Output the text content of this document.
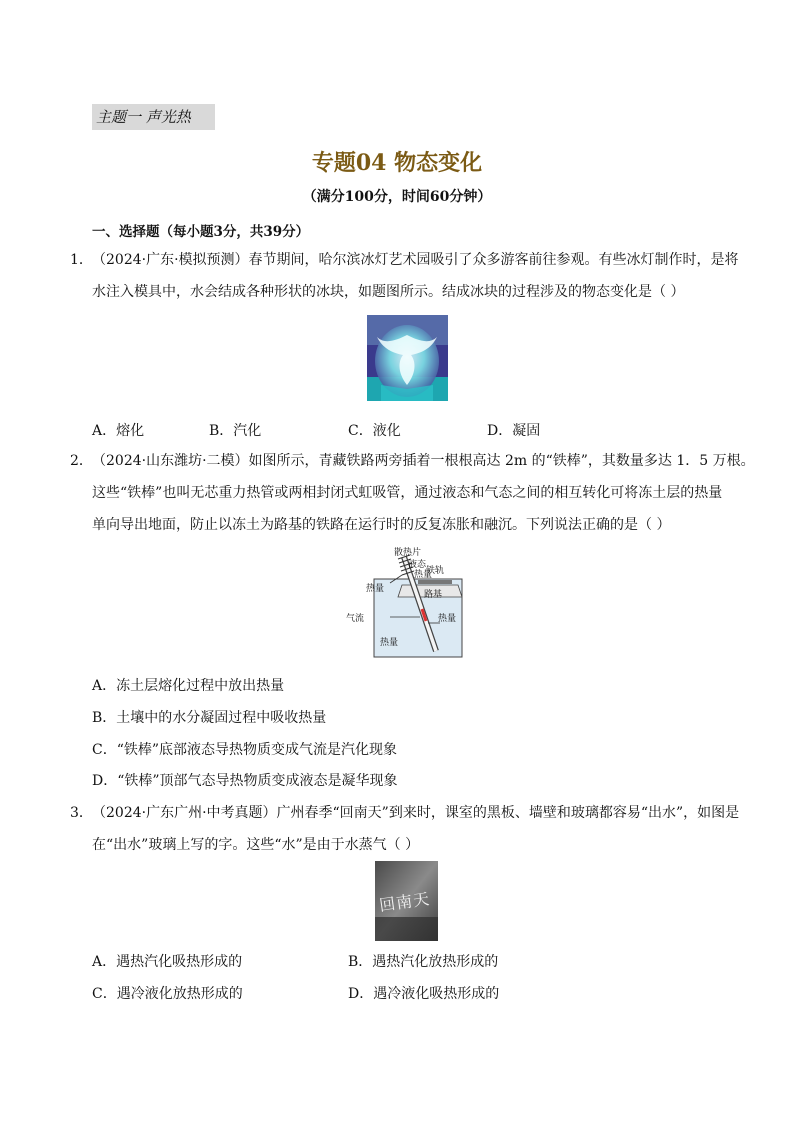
主题一 声光热
专题04 物态变化
（满分100分，时间60分钟）
一、选择题（每小题3分，共39分）
1． （2024·广东·模拟预测）春节期间，哈尔滨冰灯艺术园吸引了众多游客前往参观。有些冰灯制作时，是将
水注入模具中，水会结成各种形状的冰块，如题图所示。结成冰块的过程涉及的物态变化是（ ）
A．熔化	B．汽化	C．液化	D．凝固
2． （2024·山东潍坊·二模）如图所示，青藏铁路两旁插着一根根高达 2m 的“铁棒”，其数量多达 1．5 万根。
这些“铁棒”也叫无芯重力热管或两相封闭式虹吸管，通过液态和气态之间的相互转化可将冻土层的热量
单向导出地面，防止以冻土为路基的铁路在运行时的反复冻胀和融沉。下列说法正确的是（ ）
散热片
液态
热量
铁轨
热量
路基
气流	热量
热量
A．冻土层熔化过程中放出热量
B．土壤中的水分凝固过程中吸收热量
C．“铁棒”底部液态导热物质变成气流是汽化现象
D．“铁棒”顶部气态导热物质变成液态是凝华现象
3． （2024·广东广州·中考真题）广州春季“回南天”到来时，课室的黑板、墙壁和玻璃都容易“出水”，如图是
在“出水”玻璃上写的字。这些“水”是由于水蒸气（ ）
回南天
A．遇热汽化吸热形成的	B．遇热汽化放热形成的
C．遇冷液化放热形成的	D．遇冷液化吸热形成的
